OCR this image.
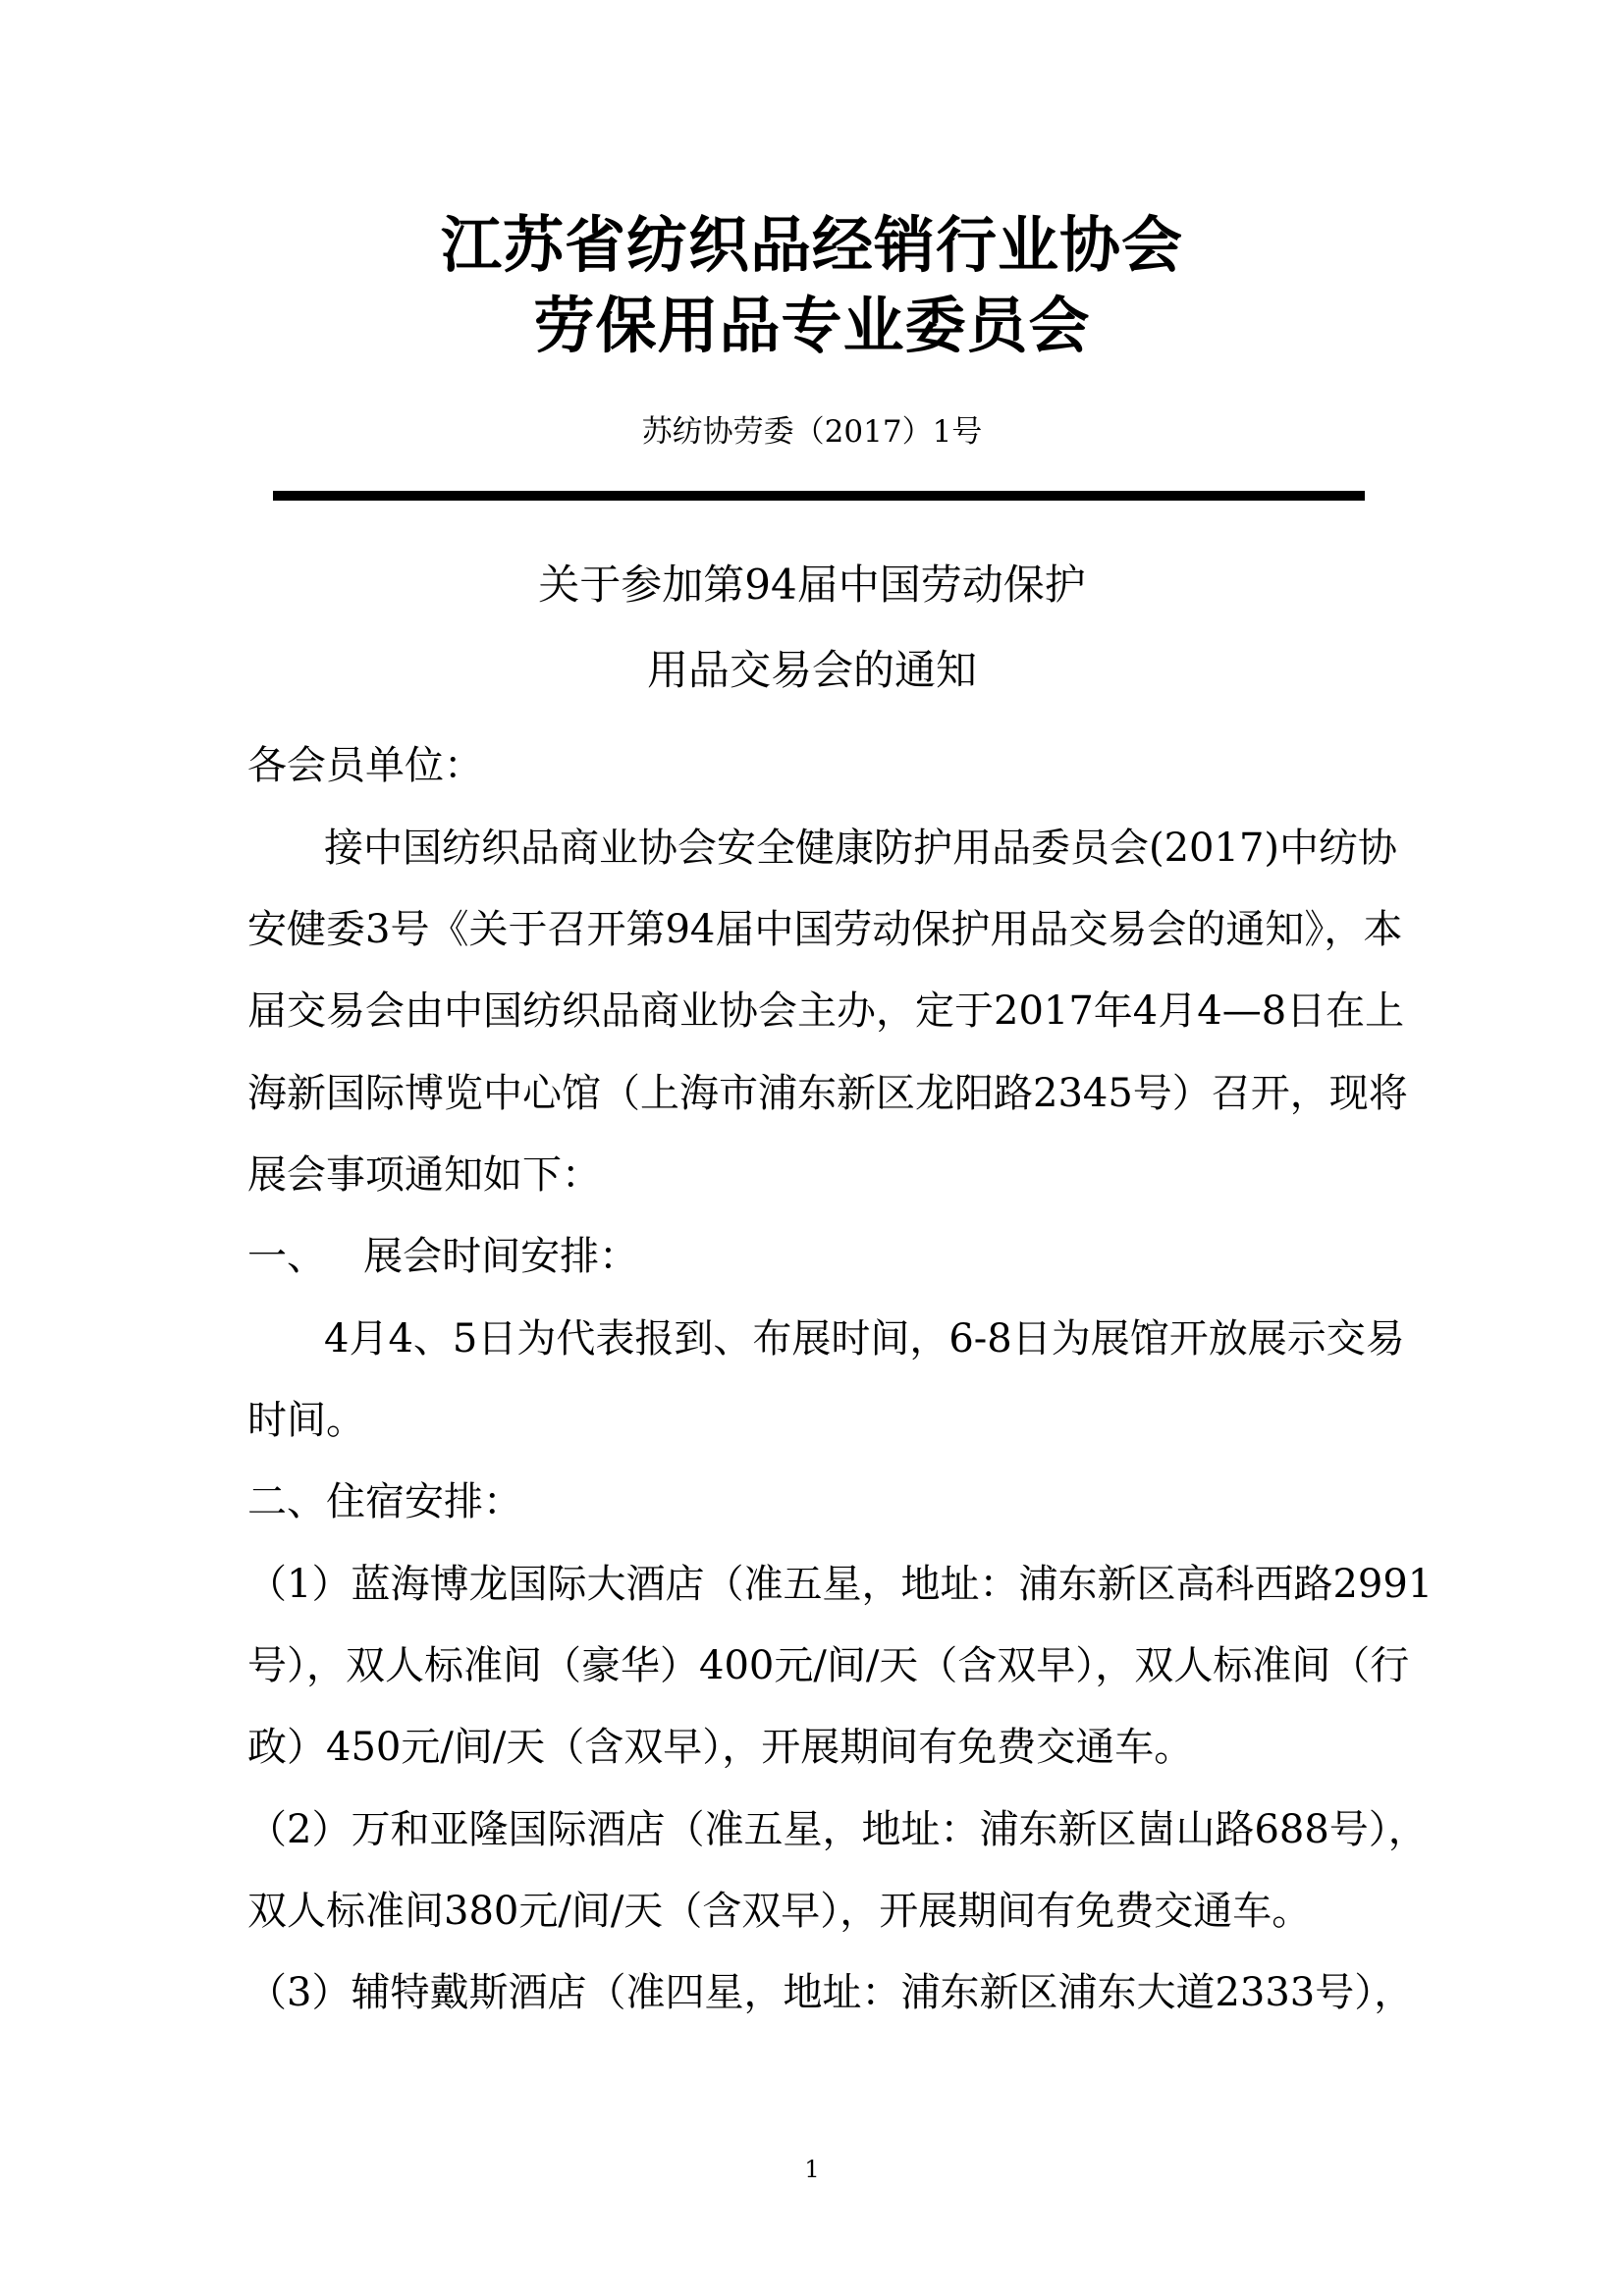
江苏省纺织品经销行业协会
劳保用品专业委员会
苏纺协劳委（2017）1号
关于参加第94届中国劳动保护
用品交易会的通知
各会员单位：
接中国纺织品商业协会安全健康防护用品委员会(2017)中纺协
安健委3号《关于召开第94届中国劳动保护用品交易会的通知》，本
届交易会由中国纺织品商业协会主办，定于2017年4月4—8日在上
海新国际博览中心馆（上海市浦东新区龙阳路2345号）召开，现将
展会事项通知如下：
一、   展会时间安排：
4月4、5日为代表报到、布展时间，6-8日为展馆开放展示交易
时间。
二、住宿安排：
（1）蓝海博龙国际大酒店（准五星，地址：浦东新区高科西路2991
号），双人标准间（豪华）400元/间/天（含双早），双人标准间（行
政）450元/间/天（含双早），开展期间有免费交通车。
（2）万和亚隆国际酒店（准五星，地址：浦东新区崮山路688号），
双人标准间380元/间/天（含双早），开展期间有免费交通车。
（3）辅特戴斯酒店（准四星，地址：浦东新区浦东大道2333号），
1
